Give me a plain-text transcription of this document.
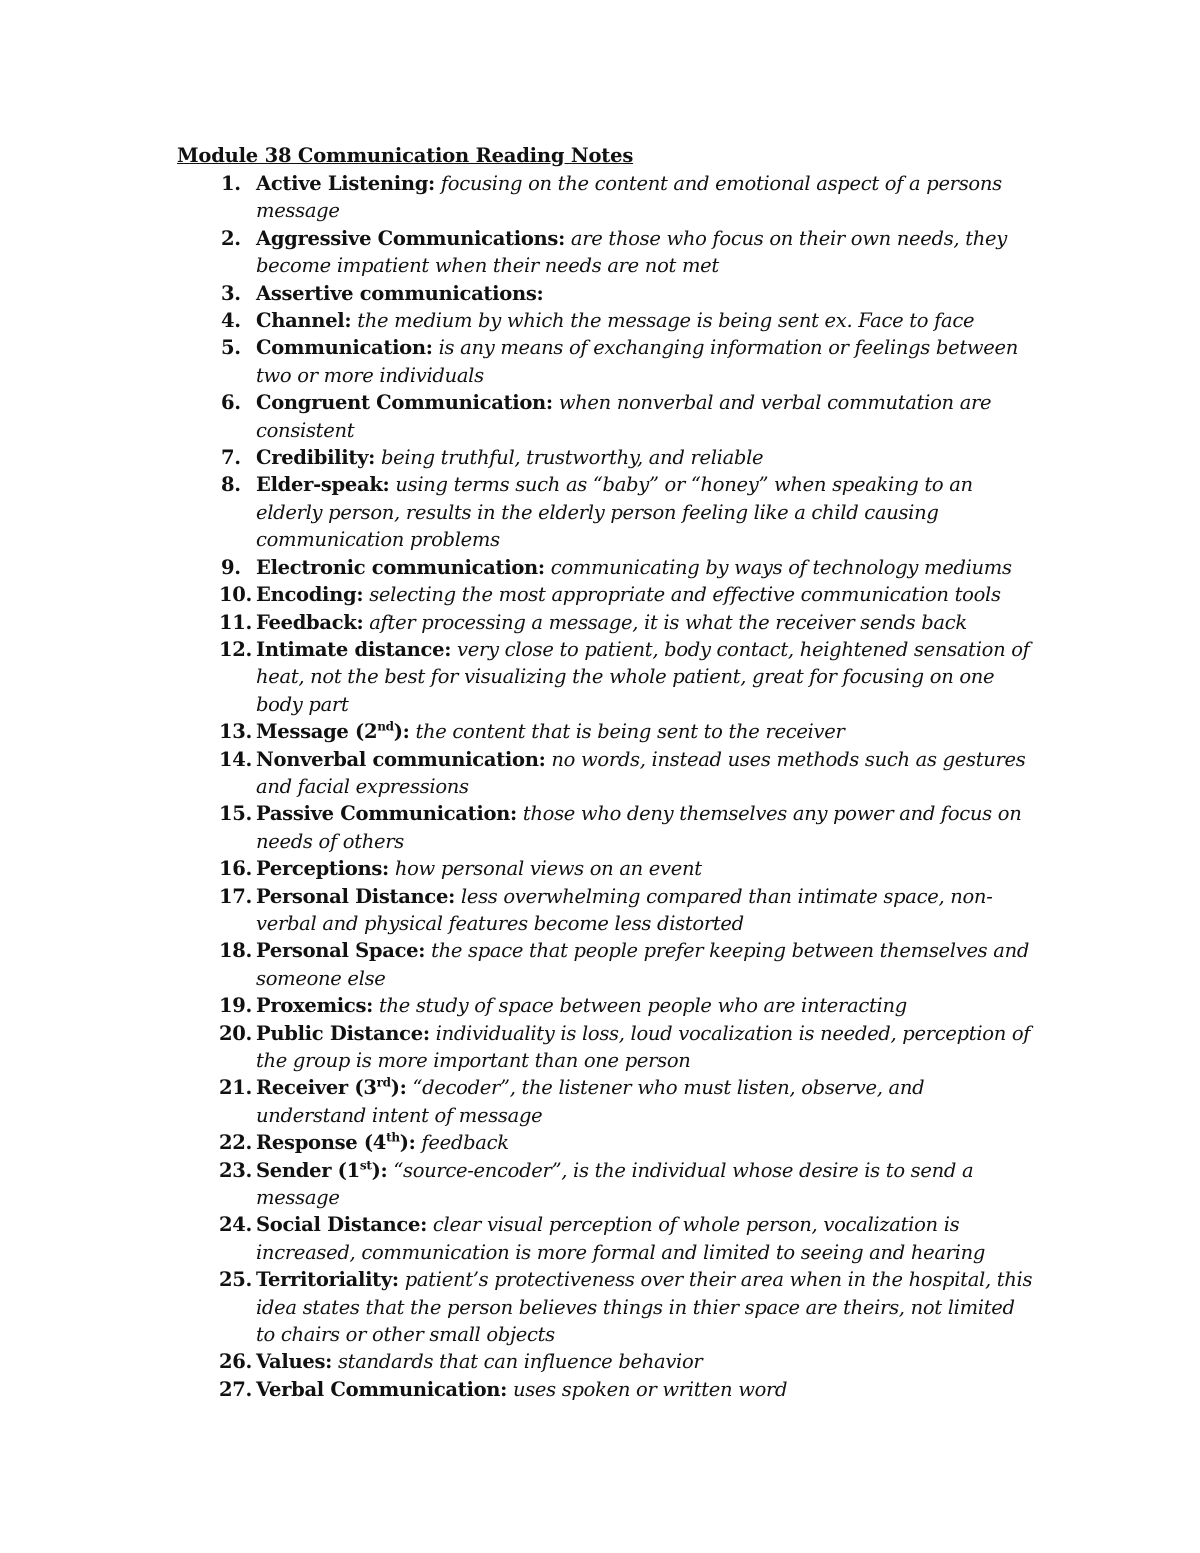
Module 38 Communication Reading Notes
1. Active Listening: focusing on the content and emotional aspect of a persons message
2. Aggressive Communications: are those who focus on their own needs, they become impatient when their needs are not met
3. Assertive communications:
4. Channel: the medium by which the message is being sent ex. Face to face
5. Communication: is any means of exchanging information or feelings between two or more individuals
6. Congruent Communication: when nonverbal and verbal commutation are consistent
7. Credibility: being truthful, trustworthy, and reliable
8. Elder-speak: using terms such as “baby” or “honey” when speaking to an elderly person, results in the elderly person feeling like a child causing communication problems
9. Electronic communication: communicating by ways of technology mediums
10. Encoding: selecting the most appropriate and effective communication tools
11. Feedback: after processing a message, it is what the receiver sends back
12. Intimate distance: very close to patient, body contact, heightened sensation of heat, not the best for visualizing the whole patient, great for focusing on one body part
13. Message (2nd): the content that is being sent to the receiver
14. Nonverbal communication: no words, instead uses methods such as gestures and facial expressions
15. Passive Communication: those who deny themselves any power and focus on needs of others
16. Perceptions: how personal views on an event
17. Personal Distance: less overwhelming compared than intimate space, non-verbal and physical features become less distorted
18. Personal Space: the space that people prefer keeping between themselves and someone else
19. Proxemics: the study of space between people who are interacting
20. Public Distance: individuality is loss, loud vocalization is needed, perception of the group is more important than one person
21. Receiver (3rd): “decoder”, the listener who must listen, observe, and understand intent of message
22. Response (4th): feedback
23. Sender (1st): “source-encoder”, is the individual whose desire is to send a message
24. Social Distance: clear visual perception of whole person, vocalization is increased, communication is more formal and limited to seeing and hearing
25. Territoriality: patient’s protectiveness over their area when in the hospital, this idea states that the person believes things in thier space are theirs, not limited to chairs or other small objects
26. Values: standards that can influence behavior
27. Verbal Communication: uses spoken or written word
